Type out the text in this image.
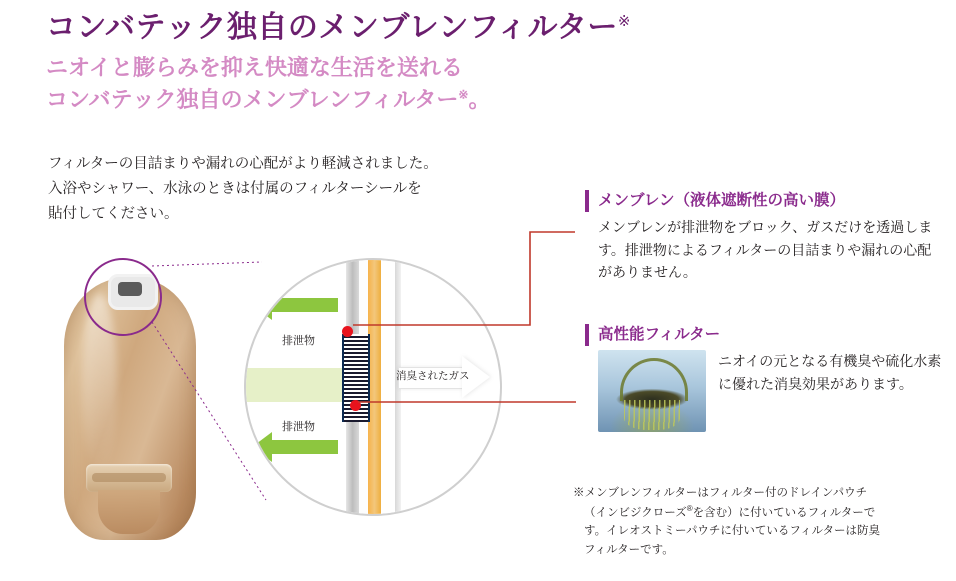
コンバテック独自のメンブレンフィルター※
ニオイと膨らみを抑え快適な生活を送れる
コンバテック独自のメンブレンフィルター※。
フィルターの目詰まりや漏れの心配がより軽減されました。
入浴やシャワー、水泳のときは付属のフィルターシールを
貼付してください。
排泄物
排泄物
消臭されたガス
メンブレン（液体遮断性の高い膜）
メンブレンが排泄物をブロック、ガスだけを透過します。排泄物によるフィルターの目詰まりや漏れの心配がありません。
高性能フィルター
ニオイの元となる有機臭や硫化水素に優れた消臭効果があります。
※メンブレンフィルターはフィルター付のドレインパウチ
（インビジクローズ®を含む）に付いているフィルターで
す。イレオストミーパウチに付いているフィルターは防臭
フィルターです。
